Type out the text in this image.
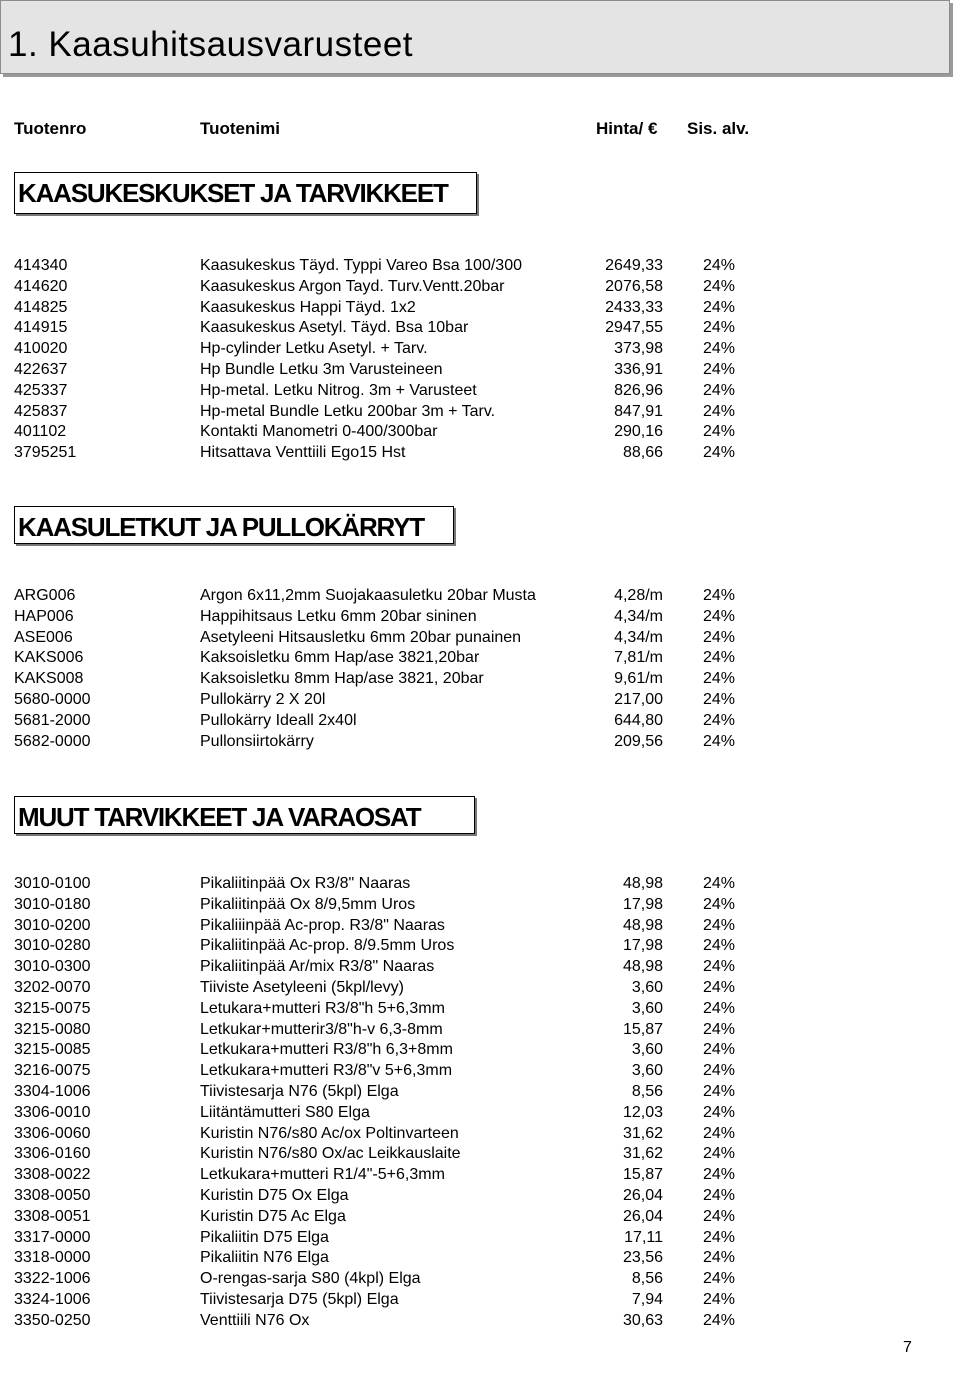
1. Kaasuhitsausvarusteet
Tuotenro	Tuotenimi	Hinta/ € Sis. alv.
KAASUKESKUKSET JA TARVIKKEET
414340	Kaasukeskus Täyd. Typpi Vareo Bsa 100/300	2649,33 24%
414620	Kaasukeskus Argon Tayd. Turv.Ventt.20bar	2076,58 24%
414825	Kaasukeskus Happi Täyd. 1x2	2433,33 24%
414915	Kaasukeskus Asetyl. Täyd. Bsa 10bar	2947,55 24%
410020	Hp-cylinder Letku Asetyl. + Tarv.	373,98 24%
422637	Hp Bundle Letku 3m Varusteineen	336,91 24%
425337	Hp-metal. Letku Nitrog. 3m + Varusteet	826,96 24%
425837	Hp-metal Bundle Letku 200bar 3m + Tarv.	847,91 24%
401102	Kontakti Manometri 0-400/300bar	290,16 24%
3795251	Hitsattava Venttiili Ego15 Hst	88,66 24%
KAASULETKUT JA PULLOKÄRRYT
ARG006	Argon 6x11,2mm Suojakaasuletku 20bar Musta	4,28/m 24%
HAP006	Happihitsaus Letku 6mm 20bar sininen	4,34/m 24%
ASE006	Asetyleeni Hitsausletku 6mm 20bar punainen	4,34/m 24%
KAKS006	Kaksoisletku 6mm Hap/ase 3821,20bar	7,81/m 24%
KAKS008	Kaksoisletku 8mm Hap/ase 3821, 20bar	9,61/m 24%
5680-0000	Pullokärry 2 X 20l	217,00 24%
5681-2000	Pullokärry Ideall 2x40l	644,80 24%
5682-0000	Pullonsiirtokärry	209,56 24%
MUUT TARVIKKEET JA VARAOSAT
3010-0100	Pikaliitinpää Ox R3/8" Naaras	48,98 24%
3010-0180	Pikaliitinpää Ox 8/9,5mm Uros	17,98 24%
3010-0200	Pikaliiinpää Ac-prop. R3/8" Naaras	48,98 24%
3010-0280	Pikaliitinpää Ac-prop. 8/9.5mm Uros	17,98 24%
3010-0300	Pikaliitinpää Ar/mix R3/8" Naaras	48,98 24%
3202-0070	Tiiviste Asetyleeni (5kpl/levy)	3,60 24%
3215-0075	Letukara+mutteri R3/8"h 5+6,3mm	3,60 24%
3215-0080	Letkukar+mutterir3/8"h-v 6,3-8mm	15,87 24%
3215-0085	Letkukara+mutteri R3/8"h 6,3+8mm	3,60 24%
3216-0075	Letkukara+mutteri R3/8"v 5+6,3mm	3,60 24%
3304-1006	Tiivistesarja N76 (5kpl) Elga	8,56 24%
3306-0010	Liitäntämutteri S80 Elga	12,03 24%
3306-0060	Kuristin N76/s80 Ac/ox Poltinvarteen	31,62 24%
3306-0160	Kuristin N76/s80 Ox/ac Leikkauslaite	31,62 24%
3308-0022	Letkukara+mutteri R1/4"-5+6,3mm	15,87 24%
3308-0050	Kuristin D75 Ox Elga	26,04 24%
3308-0051	Kuristin D75 Ac Elga	26,04 24%
3317-0000	Pikaliitin D75 Elga	17,11 24%
3318-0000	Pikaliitin N76 Elga	23,56 24%
3322-1006	O-rengas-sarja S80 (4kpl) Elga	8,56 24%
3324-1006	Tiivistesarja D75 (5kpl) Elga	7,94 24%
3350-0250	Venttiili N76 Ox	30,63 24%
7
